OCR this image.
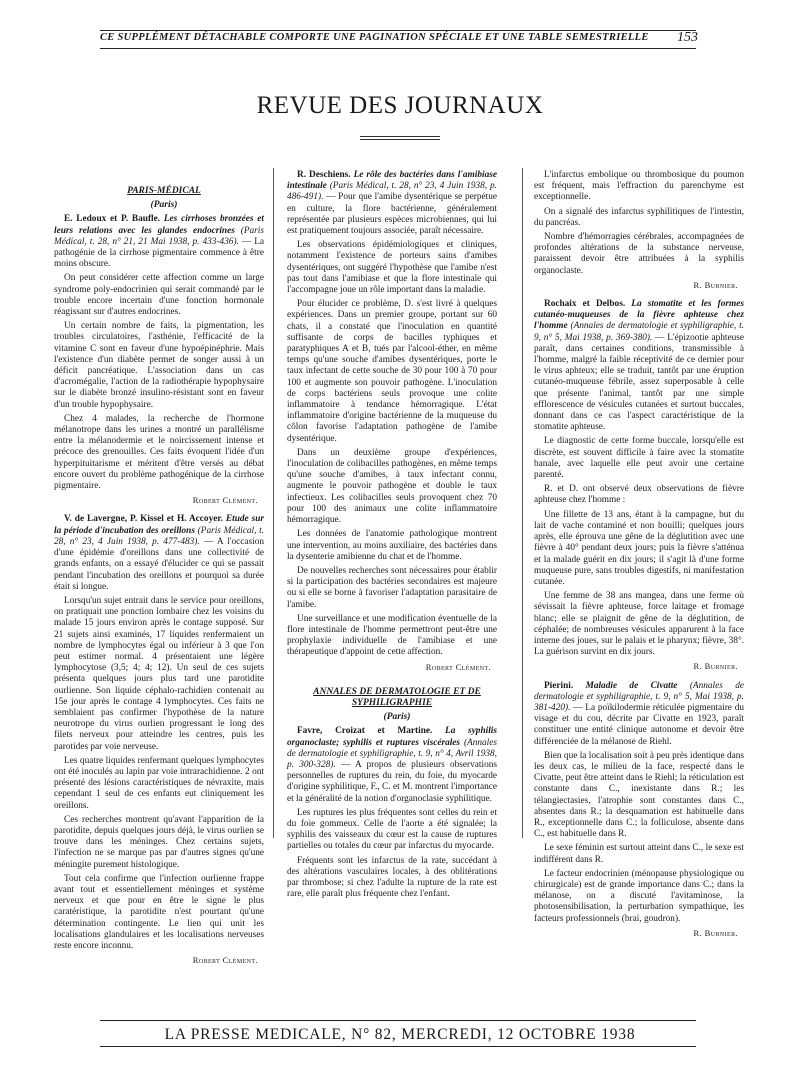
CE SUPPLÉMENT DÉTACHABLE COMPORTE UNE PAGINATION SPÉCIALE ET UNE TABLE SEMESTRIELLE 153
REVUE DES JOURNAUX

PARIS-MÉDICAL

(Paris)

E. Ledoux et P. Baufle. Les cirrhoses bronzées et leurs relations avec les glandes endocrines (Paris Médical, t. 28, n° 21, 21 Mai 1938, p. 433-436). — La pathogénie de la cirrhose pigmentaire commence à être moins obscure.

On peut considérer cette affection comme un large syndrome poly-endocrinien qui serait commandé par le trouble encore incertain d'une fonction hormonale réagissant sur d'autres endocrines.

Un certain nombre de faits, la pigmentation, les troubles circulatoires, l'asthénie, l'efficacité de la vitamine C sont en faveur d'une hypoépinéphrie. Mais l'existence d'un diabète permet de songer aussi à un déficit pancréatique. L'association dans un cas d'acromégalie, l'action de la radiothérapie hypophysaire sur le diabète bronzé insulino-résistant sont en faveur d'un trouble hypophysaire.

Chez 4 malades, la recherche de l'hormone mélanotrope dans les urines a montré un parallélisme entre la mélanodermie et le noircissement intense et précoce des grenouilles. Ces faits évoquent l'idée d'un hyperpituitarisme et méritent d'être versés au débat encore ouvert du problème pathogénique de la cirrhose pigmentaire.

Robert Clément.

V. de Lavergne, P. Kissel et H. Accoyer. Etude sur la période d'incubation des oreillons (Paris Médical, t. 28, n° 23, 4 Juin 1938, p. 477-483). — A l'occasion d'une épidémie d'oreillons dans une collectivité de grands enfants, on a essayé d'élucider ce qui se passait pendant l'incubation des oreillons et pourquoi sa durée était si longue.

Lorsqu'un sujet entrait dans le service pour oreillons, on pratiquait une ponction lombaire chez les voisins du malade 15 jours environ après le contage supposé. Sur 21 sujets ainsi examinés, 17 liquides renfermaient un nombre de lymphocytes égal ou inférieur à 3 que l'on peut estimer normal. 4 présentaient une légère lymphocytose (3,5; 4; 4; 12). Un seul de ces sujets présenta quelques jours plus tard une parotidite ourlienne. Son liquide céphalo-rachidien contenait au 15e jour après le contage 4 lymphocytes. Ces faits ne semblaient pas confirmer l'hypothèse de la nature neurotrope du virus ourlien progressant le long des filets nerveux pour atteindre les centres, puis les parotides par voie nerveuse.

Les quatre liquides renfermant quelques lymphocytes ont été inoculés au lapin par voie intrarachidienne. 2 ont présenté des lésions caractéristiques de névraxite, mais cependant 1 seul de ces enfants eut cliniquement les oreillons.

Ces recherches montrent qu'avant l'apparition de la parotidite, depuis quelques jours déjà, le virus ourlien se trouve dans les méninges. Chez certains sujets, l'infection ne se marque pas par d'autres signes qu'une méningite purement histologique.

Tout cela confirme que l'infection ourlienne frappe avant tout et essentiellement méninges et système nerveux et que pour en être le signe le plus caratéristique, la parotidite n'est pourtant qu'une détermination contingente. Le lien qui unit les localisations glandulaires et les localisations nerveuses reste encore inconnu.

Robert Clément.

R. Deschiens. Le rôle des bactéries dans l'amibiase intestinale (Paris Médical, t. 28, n° 23, 4 Juin 1938, p. 486-491). — Pour que l'amibe dysentérique se perpétue en culture, la flore bactérienne, généralement représentée par plusieurs espèces microbiennes, qui lui est pratiquement toujours associée, paraît nécessaire.

Les observations épidémiologiques et cliniques, notamment l'existence de porteurs sains d'amibes dysentériques, ont suggéré l'hypothèse que l'amibe n'est pas tout dans l'amibiase et que la flore intestinale qui l'accompagne joue un rôle important dans la maladie.

Pour élucider ce problème, D. s'est livré à quelques expériences. Dans un premier groupe, portant sur 60 chats, il a constaté que l'inoculation en quantité suffisante de corps de bacilles typhiques et paratyphiques A et B, tués par l'alcool-éther, en même temps qu'une souche d'amibes dysentériques, porte le taux infectant de cette souche de 30 pour 100 à 70 pour 100 et augmente son pouvoir pathogène. L'inoculation de corps bactériens seuls provoque une colite inflammatoire à tendance hémorragique. L'état inflammatoire d'origine bactérienne de la muqueuse du côlon favorise l'adaptation pathogène de l'amibe dysentérique.

Dans un deuxième groupe d'expériences, l'inoculation de colibacilles pathogènes, en même temps qu'une souche d'amibes, à taux infectant connu, augmente le pouvoir pathogène et double le taux infectieux. Les colibacilles seuls provoquent chez 70 pour 100 des animaux une colite inflammatoire hémorragique.

Les données de l'anatomie pathologique montrent une intervention, au moins auxiliaire, des bactéries dans la dysenterie amibienne du chat et de l'homme.

De nouvelles recherches sont nécessaires pour établir si la participation des bactéries secondaires est majeure ou si elle se borne à favoriser l'adaptation parasitaire de l'amibe.

Une surveillance et une modification éventuelle de la flore intestinale de l'homme permettront peut-être une prophylaxie individuelle de l'amibiase et une thérapeutique d'appoint de cette affection.

Robert Clément.

ANNALES DE DERMATOLOGIE ET DE SYPHILIGRAPHIE

(Paris)

Favre, Croizat et Martine. La syphilis organoclaste; syphilis et ruptures viscérales (Annales de dermatologie et syphiligraphie, t. 9, n° 4, Avril 1938, p. 300-328). — A propos de plusieurs observations personnelles de ruptures du rein, du foie, du myocarde d'origine syphilitique, F., C. et M. montrent l'importance et la généralité de la notion d'organoclasie syphilitique.

Les ruptures les plus fréquentes sont celles du rein et du foie gommeux. Celle de l'aorte a été signalée; la syphilis des vaisseaux du cœur est la cause de ruptures partielles ou totales du cœur par infarctus du myocarde.

Fréquents sont les infarctus de la rate, succédant à des altérations vasculaires locales, à des oblitérations par thrombose; si chez l'adulte la rupture de la rate est rare, elle paraît plus fréquente chez l'enfant.

L'infarctus embolique ou thrombosique du poumon est fréquent, mais l'effraction du parenchyme est exceptionnelle.

On a signalé des infarctus syphilitiques de l'intestin, du pancréas.

Nombre d'hémorragies cérébrales, accompagnées de profondes altérations de la substance nerveuse, paraissent devoir être attribuées à la syphilis organoclaste.

R. Burnier.

Rochaix et Delbos. La stomatite et les formes cutanéo-muqueuses de la fièvre aphteuse chez l'homme (Annales de dermatologie et syphiligraphie, t. 9, n° 5, Mai 1938, p. 369-380). — L'épizootie aphteuse paraît, dans certaines conditions, transmissible à l'homme, malgré la faible réceptivité de ce dernier pour le virus aphteux; elle se traduit, tantôt par une éruption cutanéo-muqueuse fébrile, assez superposable à celle que présente l'animal, tantôt par une simple efflorescence de vésicules cutanées et surtout buccales, donnant dans ce cas l'aspect caractéristique de la stomatite aphteuse.

Le diagnostic de cette forme buccale, lorsqu'elle est discrète, est souvent difficile à faire avec la stomatite banale, avec laquelle elle peut avoir une certaine parenté.

R. et D. ont observé deux observations de fièvre aphteuse chez l'homme :

Une fillette de 13 ans, étant à la campagne, but du lait de vache contaminé et non bouilli; quelques jours après, elle éprouva une gêne de la déglutition avec une fièvre à 40° pendant deux jours; puis la fièvre s'atténua et la malade guérit en dix jours; il s'agit là d'une forme muqueuse pure, sans troubles digestifs, ni manifestation cutanée.

Une femme de 38 ans mangea, dans une ferme où sévissait la fièvre aphteuse, force laitage et fromage blanc; elle se plaignit de gêne de la déglutition, de céphalée; de nombreuses vésicules apparurent à la face interne des joues, sur le palais et le pharynx; fièvre, 38°. La guérison survint en dix jours.

R. Burnier.

Pierini. Maladie de Civatte (Annales de dermatologie et syphiligraphie, t. 9, n° 5, Mai 1938, p. 381-420). — La poïkilodermie réticulée pigmentaire du visage et du cou, décrite par Civatte en 1923, paraît constituer une entité clinique autonome et devoir être différenciée de la mélanose de Riehl.

Bien que la localisation soit à peu près identique dans les deux cas, le milieu de la face, respecté dans le Civatte, peut être atteint dans le Riehl; la réticulation est constante dans C., inexistante dans R.; les télangiectasies, l'atrophie sont constantes dans C., absentes dans R.; la desquamation est habituelle dans R., exceptionnelle dans C.; la folliculose, absente dans C., est habituelle dans R.

Le sexe féminin est surtout atteint dans C., le sexe est indifférent dans R.

Le facteur endocrinien (ménopause physiologique ou chirurgicale) est de grande importance dans C.; dans la mélanose, on a discuté l'avitaminose, la photosensibilisation, la perturbation sympathique, les facteurs professionnels (brai, goudron).

R. Burnier.

LA PRESSE MEDICALE, N° 82, MERCREDI, 12 OCTOBRE 1938
